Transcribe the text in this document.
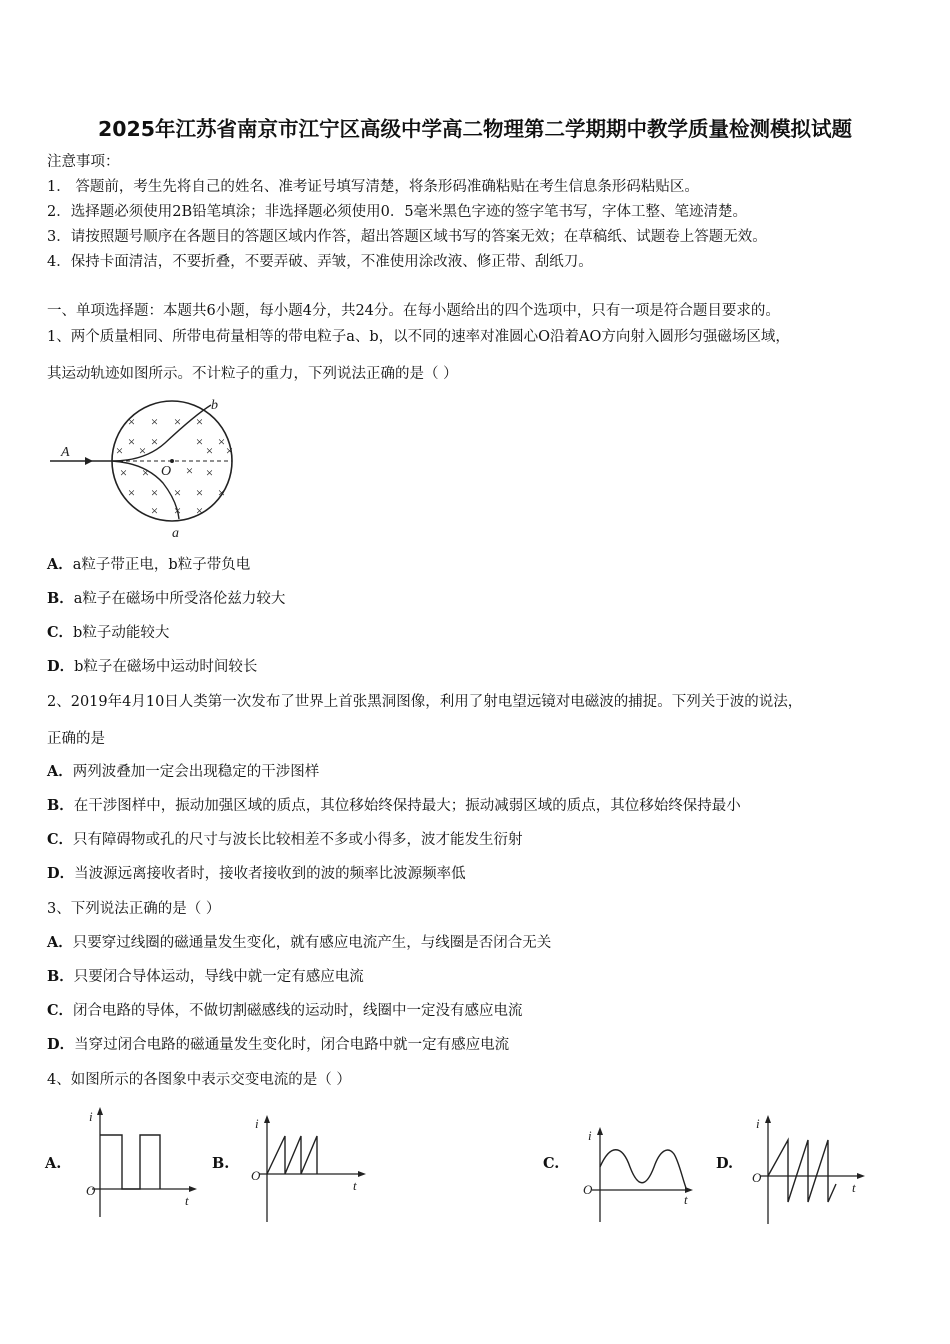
2025年江苏省南京市江宁区高级中学高二物理第二学期期中教学质量检测模拟试题
注意事项：
1． 答题前，考生先将自己的姓名、准考证号填写清楚，将条形码准确粘贴在考生信息条形码粘贴区。
2．选择题必须使用2B铅笔填涂；非选择题必须使用0．5毫米黑色字迹的签字笔书写，字体工整、笔迹清楚。
3．请按照题号顺序在各题目的答题区域内作答，超出答题区域书写的答案无效；在草稿纸、试题卷上答题无效。
4．保持卡面清洁，不要折叠，不要弄破、弄皱，不准使用涂改液、修正带、刮纸刀。
一、单项选择题：本题共6小题，每小题4分，共24分。在每小题给出的四个选项中，只有一项是符合题目要求的。
1、两个质量相同、所带电荷量相等的带电粒子a、b，以不同的速率对准圆心O沿着AO方向射入圆形匀强磁场区域，
其运动轨迹如图所示。不计粒子的重力，下列说法正确的是（ ）
× × × ×
× ×	× ×
× ×	× ×
× ×	× ×
× × × × ×
× × ×
A
O
b
a
A．a粒子带正电，b粒子带负电
B．a粒子在磁场中所受洛伦兹力较大
C．b粒子动能较大
D．b粒子在磁场中运动时间较长
2、2019年4月10日人类第一次发布了世界上首张黑洞图像，利用了射电望远镜对电磁波的捕捉。下列关于波的说法，
正确的是
A．两列波叠加一定会出现稳定的干涉图样
B．在干涉图样中，振动加强区域的质点，其位移始终保持最大；振动减弱区域的质点，其位移始终保持最小
C．只有障碍物或孔的尺寸与波长比较相差不多或小得多，波才能发生衍射
D．当波源远离接收者时，接收者接收到的波的频率比波源频率低
3、下列说法正确的是（ ）
A．只要穿过线圈的磁通量发生变化，就有感应电流产生，与线圈是否闭合无关
B．只要闭合导体运动，导线中就一定有感应电流
C．闭合电路的导体，不做切割磁感线的运动时，线圈中一定没有感应电流
D．当穿过闭合电路的磁通量发生变化时，闭合电路中就一定有感应电流
4、如图所示的各图象中表示交变电流的是（ ）
A.
i
t
O
B.
i
t
O
C.
i
t
O
D.
i
t
O
